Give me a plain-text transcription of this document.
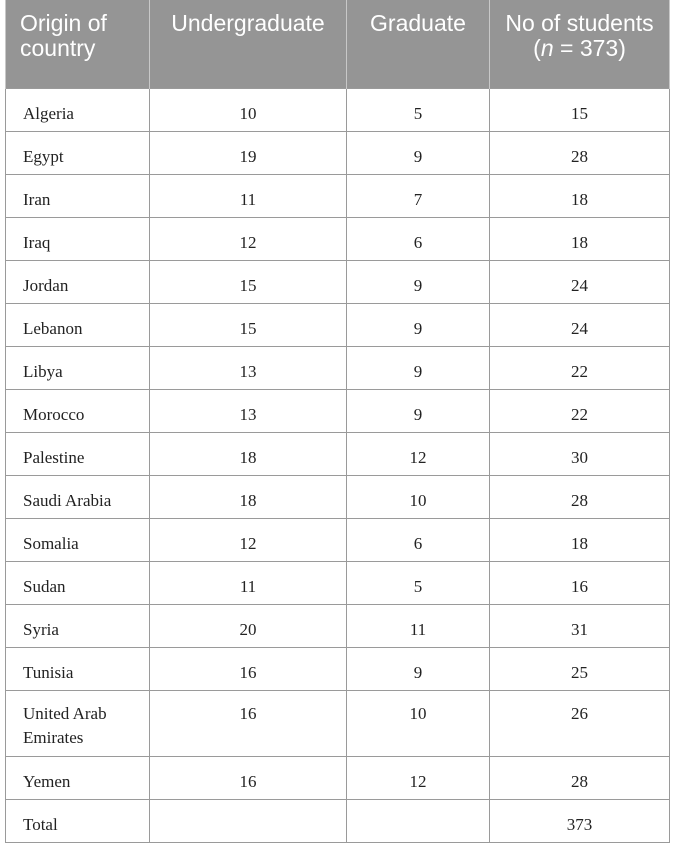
Origin of country	Undergraduate	Graduate	No of students
(n = 373)
Algeria	10	5	15
Egypt	19	9	28
Iran	11	7	18
Iraq	12	6	18
Jordan	15	9	24
Lebanon	15	9	24
Libya	13	9	22
Morocco	13	9	22
Palestine	18	12	30
Saudi Arabia	18	10	28
Somalia	12	6	18
Sudan	11	5	16
Syria	20	11	31
Tunisia	16	9	25
United Arab Emirates	16	10	26
Yemen	16	12	28
Total			373
